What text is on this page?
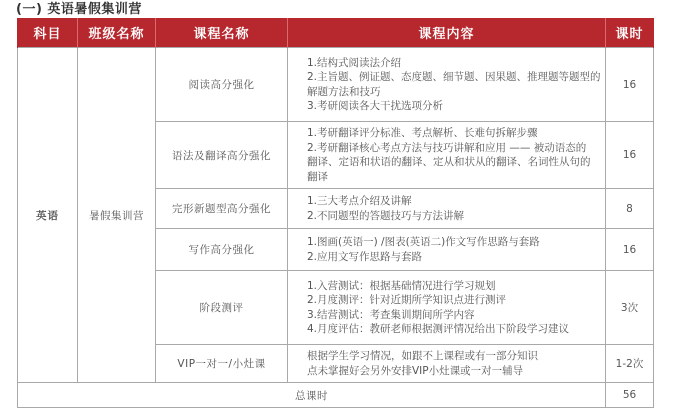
(一) 英语暑假集训营
科目	班级名称	课程名称	课程内容	课时
英语	暑假集训营	阅读高分强化	1.结构式阅读法介绍
2.主旨题、例证题、态度题、细节题、因果题、推理题等题型的
解题方法和技巧
3.考研阅读各大干扰选项分析	16
		语法及翻译高分强化	1.考研翻译评分标准、考点解析、长难句拆解步骤
2.考研翻译核心考点方法与技巧讲解和应用 —— 被动语态的
翻译、定语和状语的翻译、定从和状从的翻译、名词性从句的
翻译	16
		完形新题型高分强化	1.三大考点介绍及讲解
2.不同题型的答题技巧与方法讲解	8
		写作高分强化	1.图画(英语一) /图表(英语二)作文写作思路与套路
2.应用文写作思路与套路	16
		阶段测评	1.入营测试：根据基础情况进行学习规划
2.月度测评：针对近期所学知识点进行测评
3.结营测试：考查集训期间所学内容
4.月度评估：教研老师根据测评情况给出下阶段学习建议	3次
		VIP一对一/小灶课	根据学生学习情况，如跟不上课程或有一部分知识
点未掌握好会另外安排VIP小灶课或一对一辅导	1-2次
总课时				56
